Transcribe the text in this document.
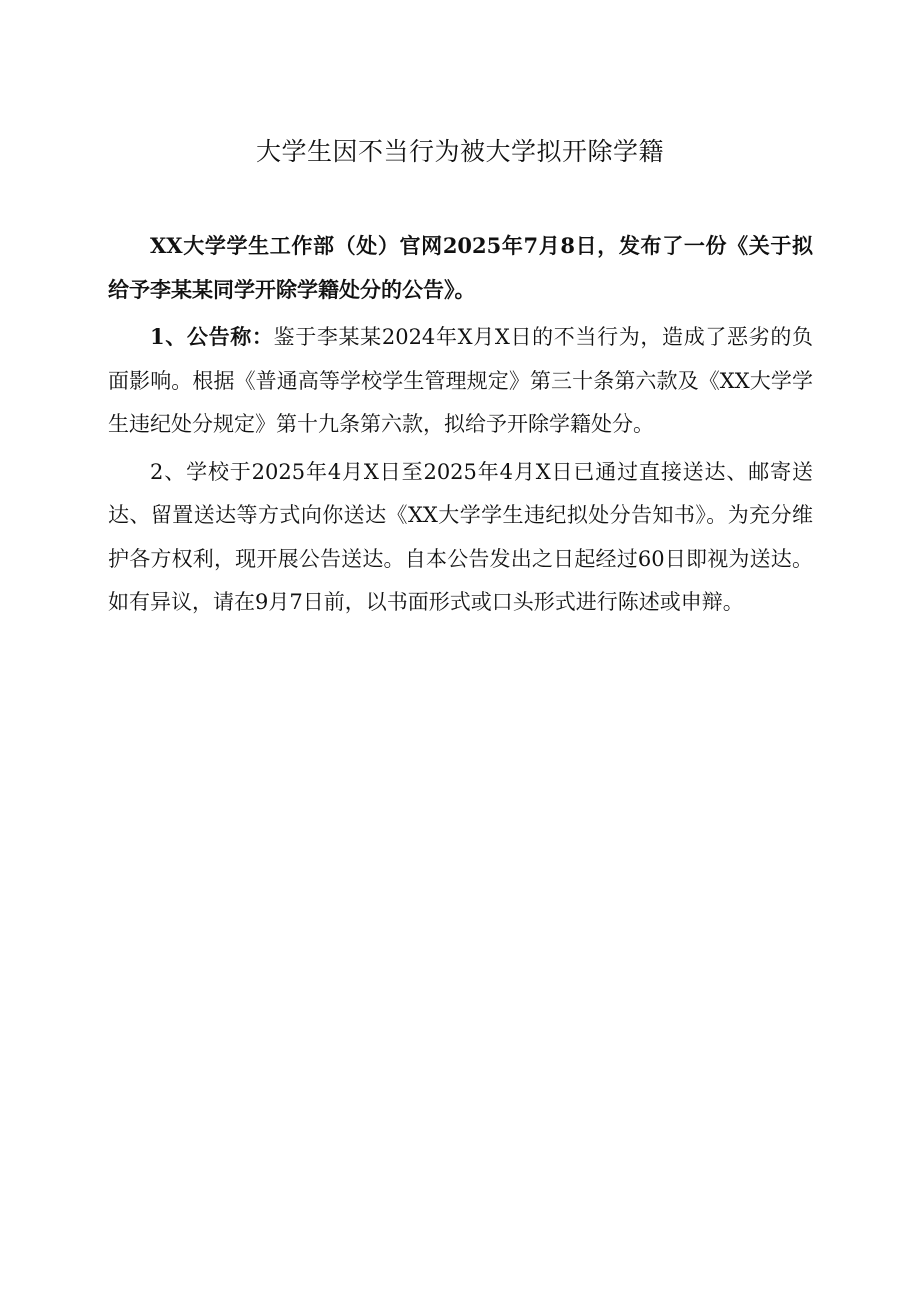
大学生因不当行为被大学拟开除学籍

XX大学学生工作部（处）官网2025年7月8日，发布了一份《关于拟给予李某某同学开除学籍处分的公告》。

1、公告称：鉴于李某某2024年X月X日的不当行为，造成了恶劣的负面影响。根据《普通高等学校学生管理规定》第三十条第六款及《XX大学学生违纪处分规定》第十九条第六款，拟给予开除学籍处分。

2、学校于2025年4月X日至2025年4月X日已通过直接送达、邮寄送达、留置送达等方式向你送达《XX大学学生违纪拟处分告知书》。为充分维护各方权利，现开展公告送达。自本公告发出之日起经过60日即视为送达。如有异议，请在9月7日前，以书面形式或口头形式进行陈述或申辩。
